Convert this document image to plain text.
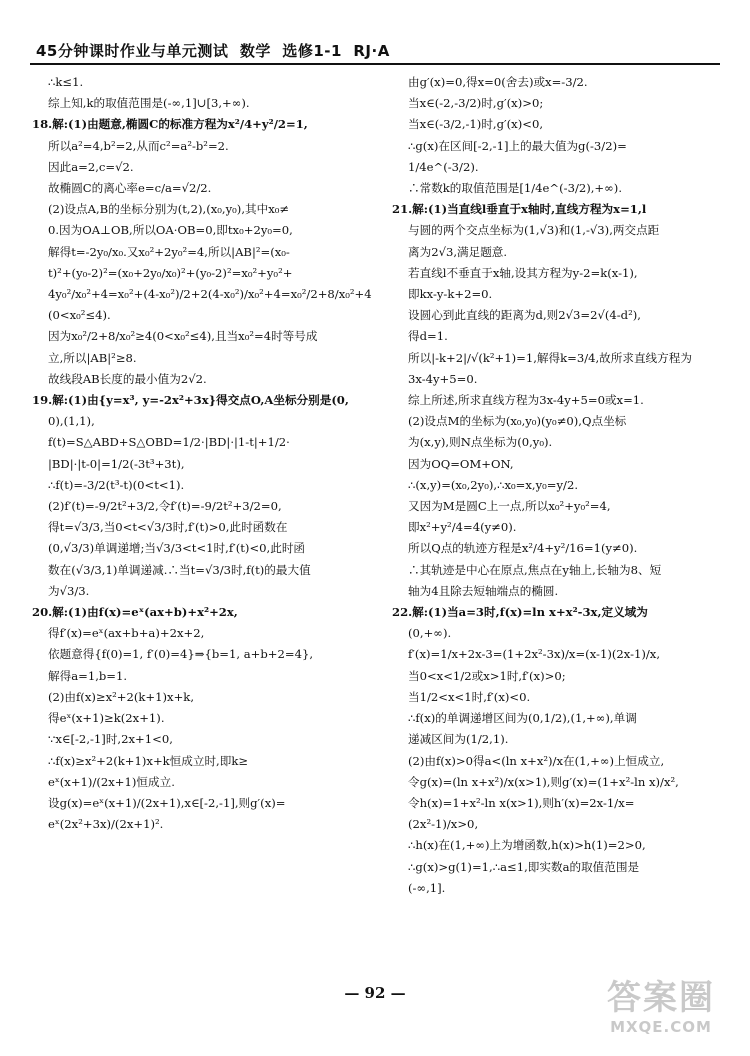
45分钟课时作业与单元测试 数学 选修1-1 RJ·A
∴k≤1.
综上知,k的取值范围是(-∞,1]∪[3,+∞).
18.解:(1)由题意,椭圆C的标准方程为x²/4+y²/2=1,
所以a²=4,b²=2,从而c²=a²-b²=2.
因此a=2,c=√2.
故椭圆C的离心率e=c/a=√2/2.
(2)设点A,B的坐标分别为(t,2),(x₀,y₀),其中x₀≠
0.因为OA⊥OB,所以OA·OB=0,即tx₀+2y₀=0,
解得t=-2y₀/x₀.又x₀²+2y₀²=4,所以|AB|²=(x₀-
t)²+(y₀-2)²=(x₀+2y₀/x₀)²+(y₀-2)²=x₀²+y₀²+
4y₀²/x₀²+4=x₀²+(4-x₀²)/2+2(4-x₀²)/x₀²+4=x₀²/2+8/x₀²+4
(0<x₀²≤4).
因为x₀²/2+8/x₀²≥4(0<x₀²≤4),且当x₀²=4时等号成
立,所以|AB|²≥8.
故线段AB长度的最小值为2√2.
19.解:(1)由{y=x³, y=-2x²+3x}得交点O,A坐标分别是(0,
0),(1,1),
f(t)=S△ABD+S△OBD=1/2·|BD|·|1-t|+1/2·
|BD|·|t-0|=1/2(-3t³+3t),
∴f(t)=-3/2(t³-t)(0<t<1).
(2)f′(t)=-9/2t²+3/2,令f′(t)=-9/2t²+3/2=0,
得t=√3/3,当0<t<√3/3时,f′(t)>0,此时函数在
(0,√3/3)单调递增;当√3/3<t<1时,f′(t)<0,此时函
数在(√3/3,1)单调递减.∴当t=√3/3时,f(t)的最大值
为√3/3.
20.解:(1)由f(x)=eˣ(ax+b)+x²+2x,
得f′(x)=eˣ(ax+b+a)+2x+2,
依题意得{f(0)=1, f′(0)=4}⇒{b=1, a+b+2=4},
解得a=1,b=1.
(2)由f(x)≥x²+2(k+1)x+k,
得eˣ(x+1)≥k(2x+1).
∵x∈[-2,-1]时,2x+1<0,
∴f(x)≥x²+2(k+1)x+k恒成立时,即k≥
eˣ(x+1)/(2x+1)恒成立.
设g(x)=eˣ(x+1)/(2x+1),x∈[-2,-1],则g′(x)=
eˣ(2x²+3x)/(2x+1)².
由g′(x)=0,得x=0(舍去)或x=-3/2.
当x∈(-2,-3/2)时,g′(x)>0;
当x∈(-3/2,-1)时,g′(x)<0,
∴g(x)在区间[-2,-1]上的最大值为g(-3/2)=
1/4e^(-3/2).
∴常数k的取值范围是[1/4e^(-3/2),+∞).
21.解:(1)当直线l垂直于x轴时,直线方程为x=1,l
与圆的两个交点坐标为(1,√3)和(1,-√3),两交点距
离为2√3,满足题意.
若直线l不垂直于x轴,设其方程为y-2=k(x-1),
即kx-y-k+2=0.
设圆心到此直线的距离为d,则2√3=2√(4-d²),
得d=1.
所以|-k+2|/√(k²+1)=1,解得k=3/4,故所求直线方程为
3x-4y+5=0.
综上所述,所求直线方程为3x-4y+5=0或x=1.
(2)设点M的坐标为(x₀,y₀)(y₀≠0),Q点坐标
为(x,y),则N点坐标为(0,y₀).
因为OQ=OM+ON,
∴(x,y)=(x₀,2y₀),∴x₀=x,y₀=y/2.
又因为M是圆C上一点,所以x₀²+y₀²=4,
即x²+y²/4=4(y≠0).
所以Q点的轨迹方程是x²/4+y²/16=1(y≠0).
∴其轨迹是中心在原点,焦点在y轴上,长轴为8、短
轴为4且除去短轴端点的椭圆.
22.解:(1)当a=3时,f(x)=ln x+x²-3x,定义域为
(0,+∞).
f′(x)=1/x+2x-3=(1+2x²-3x)/x=(x-1)(2x-1)/x,
当0<x<1/2或x>1时,f′(x)>0;
当1/2<x<1时,f′(x)<0.
∴f(x)的单调递增区间为(0,1/2),(1,+∞),单调
递减区间为(1/2,1).
(2)由f(x)>0得a<(ln x+x²)/x在(1,+∞)上恒成立,
令g(x)=(ln x+x²)/x(x>1),则g′(x)=(1+x²-ln x)/x²,
令h(x)=1+x²-ln x(x>1),则h′(x)=2x-1/x=
(2x²-1)/x>0,
∴h(x)在(1,+∞)上为增函数,h(x)>h(1)=2>0,
∴g(x)>g(1)=1,∴a≤1,即实数a的取值范围是
(-∞,1].
— 92 —	答案圈
MXQE.COM
